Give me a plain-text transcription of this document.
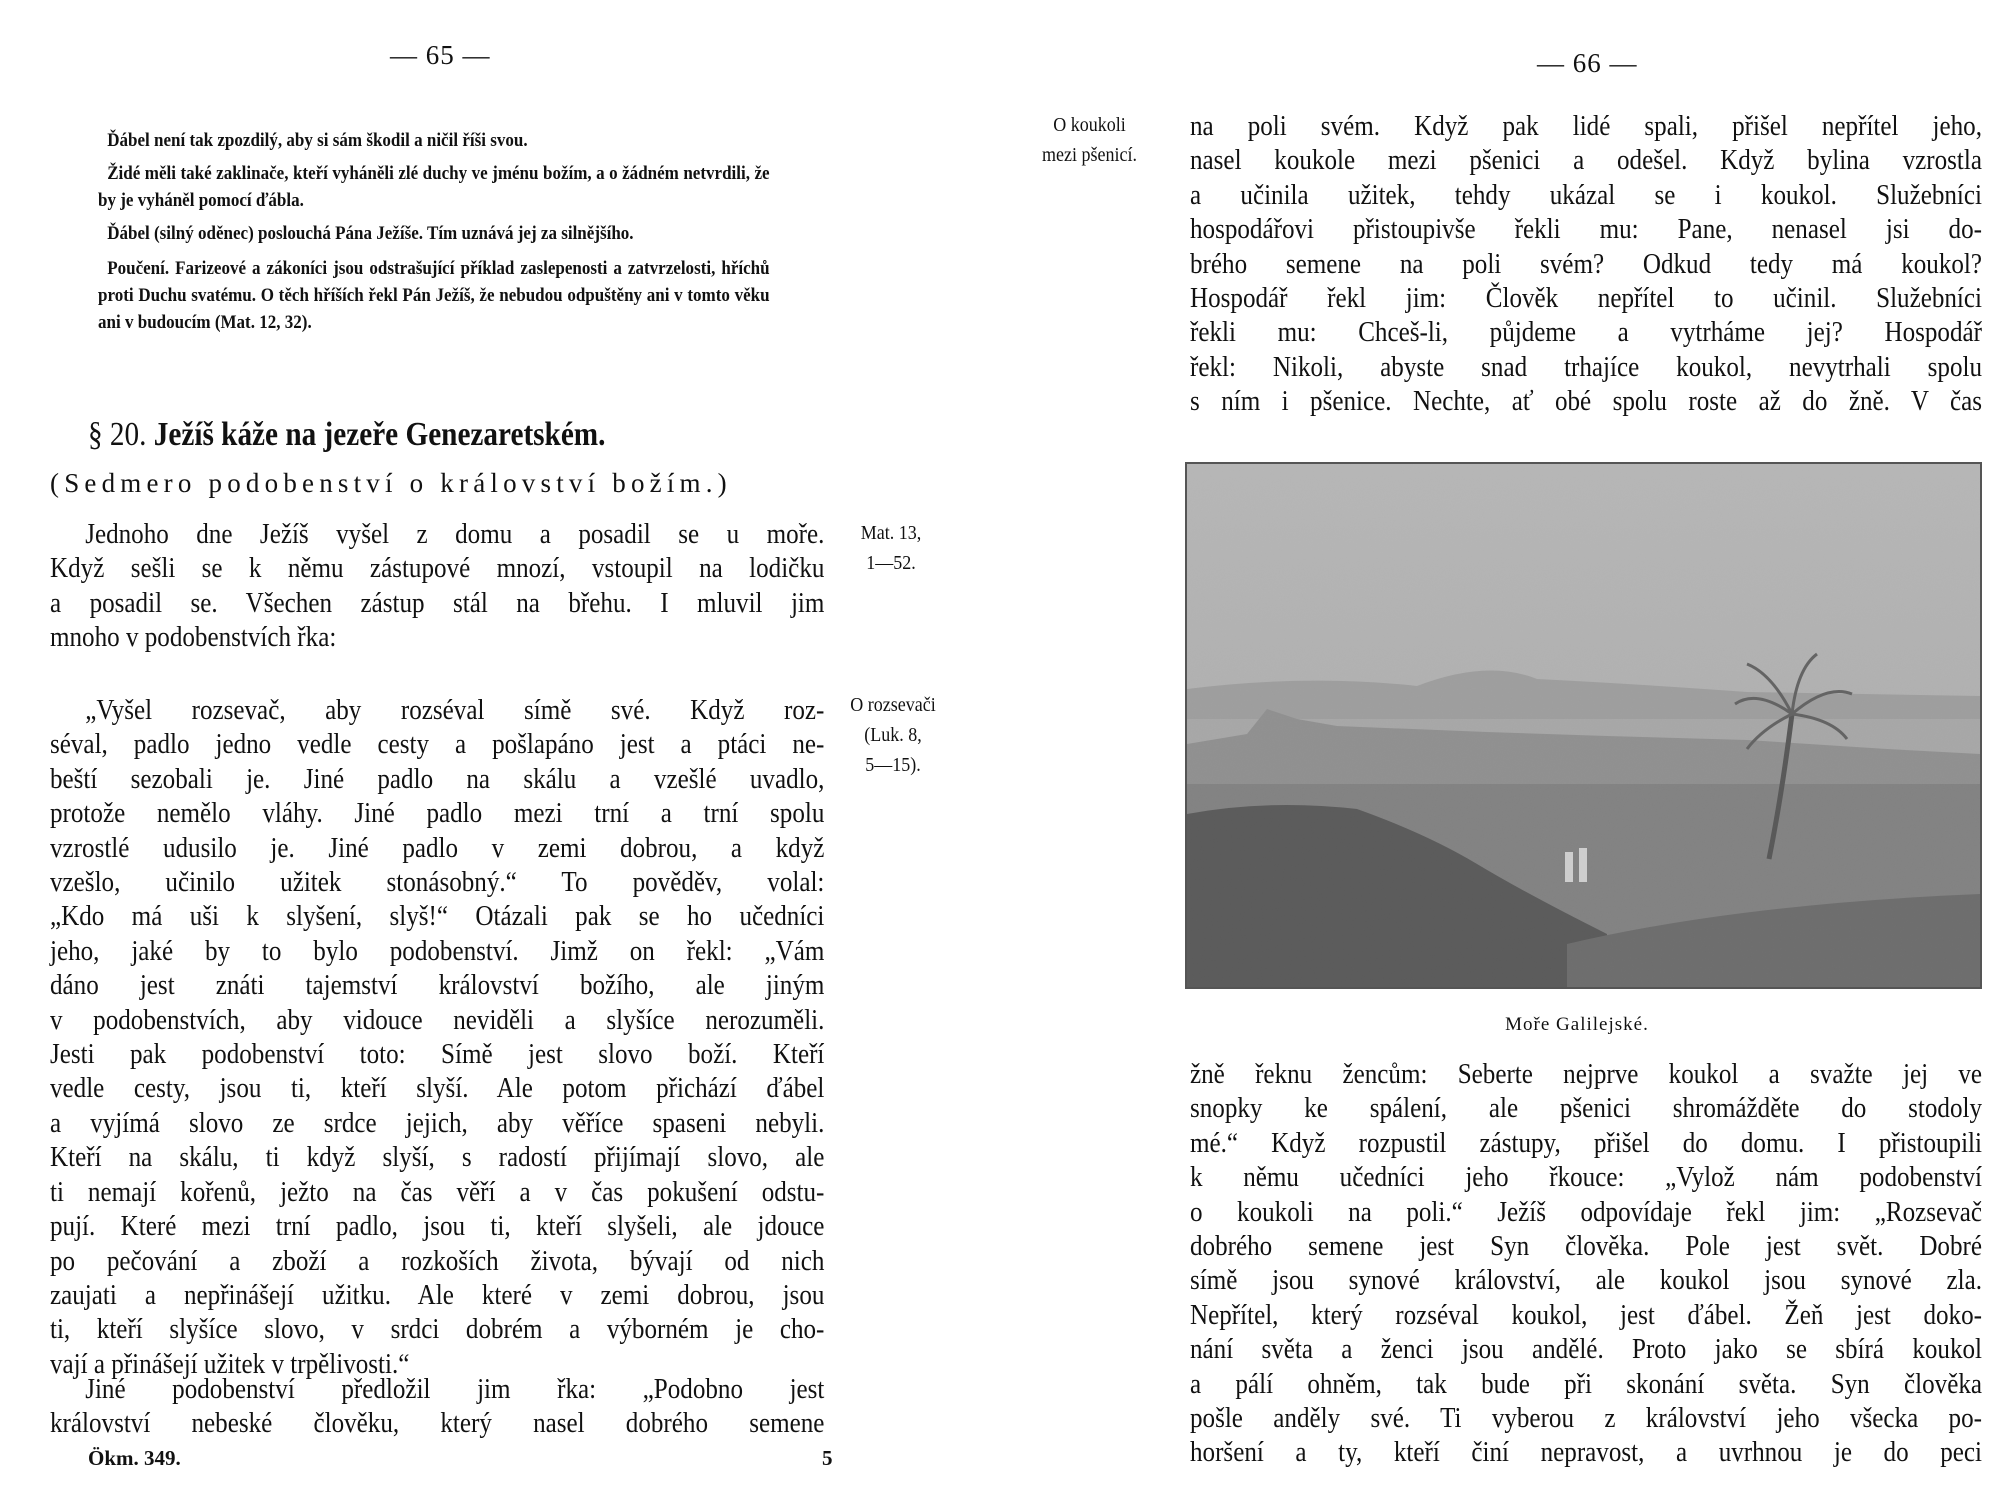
— 65 —

Ďábel není tak zpozdilý, aby si sám škodil a ničil říši svou.

Židé měli také zaklinače, kteří vyháněli zlé duchy ve jménu božím, a o žádném netvrdili, že by je vyháněl pomocí ďábla.

Ďábel (silný oděnec) poslouchá Pána Ježíše. Tím uznává jej za silnějšího.

Poučení. Farizeové a zákoníci jsou odstrašující příklad zaslepenosti a zatvrzelosti, hříchů proti Duchu svatému. O těch hříších řekl Pán Ježíš, že nebudou odpuštěny ani v tomto věku ani v budoucím (Mat. 12, 32).

§ 20. Ježíš káže na jezeře Genezaretském.
(Sedmero podobenství o království božím.)
Jednoho dne Ježíš vyšel z domu a posadil se u moře.
Když sešli se k němu zástupové mnozí, vstoupil na lodičku
a posadil se. Všechen zástup stál na břehu. I mluvil jim
mnoho v podobenstvích řka:
„Vyšel rozsevač, aby rozséval símě své. Když roz-
séval, padlo jedno vedle cesty a pošlapáno jest a ptáci ne-
beští sezobali je. Jiné padlo na skálu a vzešlé uvadlo,
protože nemělo vláhy. Jiné padlo mezi trní a trní spolu
vzrostlé udusilo je. Jiné padlo v zemi dobrou, a když
vzešlo, učinilo užitek stonásobný.“ To pověděv, volal:
„Kdo má uši k slyšení, slyš!“ Otázali pak se ho učedníci
jeho, jaké by to bylo podobenství. Jimž on řekl: „Vám
dáno jest znáti tajemství království božího, ale jiným
v podobenstvích, aby vidouce neviděli a slyšíce nerozuměli.
Jesti pak podobenství toto: Símě jest slovo boží. Kteří
vedle cesty, jsou ti, kteří slyší. Ale potom přichází ďábel
a vyjímá slovo ze srdce jejich, aby věříce spaseni nebyli.
Kteří na skálu, ti když slyší, s radostí přijímají slovo, ale
ti nemají kořenů, ježto na čas věří a v čas pokušení odstu-
pují. Které mezi trní padlo, jsou ti, kteří slyšeli, ale jdouce
po pečování a zboží a rozkoších života, bývají od nich
zaujati a nepřinášejí užitku. Ale které v zemi dobrou, jsou
ti, kteří slyšíce slovo, v srdci dobrém a výborném je cho-
vají a přinášejí užitek v trpělivosti.“
Jiné podobenství předložil jim řka: „Podobno jest
království nebeské člověku, který nasel dobrého semene
Mat. 13,
1—52.
O rozsevači
(Luk. 8,
5—15).
Ökm. 349.	5
— 66 —
O koukoli
mezi pšenicí.
na poli svém. Když pak lidé spali, přišel nepřítel jeho,
nasel koukole mezi pšenici a odešel. Když bylina vzrostla
a učinila užitek, tehdy ukázal se i koukol. Služebníci
hospodářovi přistoupivše řekli mu: Pane, nenasel jsi do-
brého semene na poli svém? Odkud tedy má koukol?
Hospodář řekl jim: Člověk nepřítel to učinil. Služebníci
řekli mu: Chceš-li, půjdeme a vytrháme jej? Hospodář
řekl: Nikoli, abyste snad trhajíce koukol, nevytrhali spolu
s ním i pšenice. Nechte, ať obé spolu roste až do žně. V čas
Moře Galilejské.
žně řeknu žencům: Seberte nejprve koukol a svažte jej ve
snopky ke spálení, ale pšenici shromážděte do stodoly
mé.“ Když rozpustil zástupy, přišel do domu. I přistoupili
k němu učedníci jeho řkouce: „Vylož nám podobenství
o koukoli na poli.“ Ježíš odpovídaje řekl jim: „Rozsevač
dobrého semene jest Syn člověka. Pole jest svět. Dobré
símě jsou synové království, ale koukol jsou synové zla.
Nepřítel, který rozséval koukol, jest ďábel. Žeň jest doko-
nání světa a ženci jsou andělé. Proto jako se sbírá koukol
a pálí ohněm, tak bude při skonání světa. Syn člověka
pošle anděly své. Ti vyberou z království jeho všecka po-
horšení a ty, kteří činí nepravost, a uvrhnou je do peci
